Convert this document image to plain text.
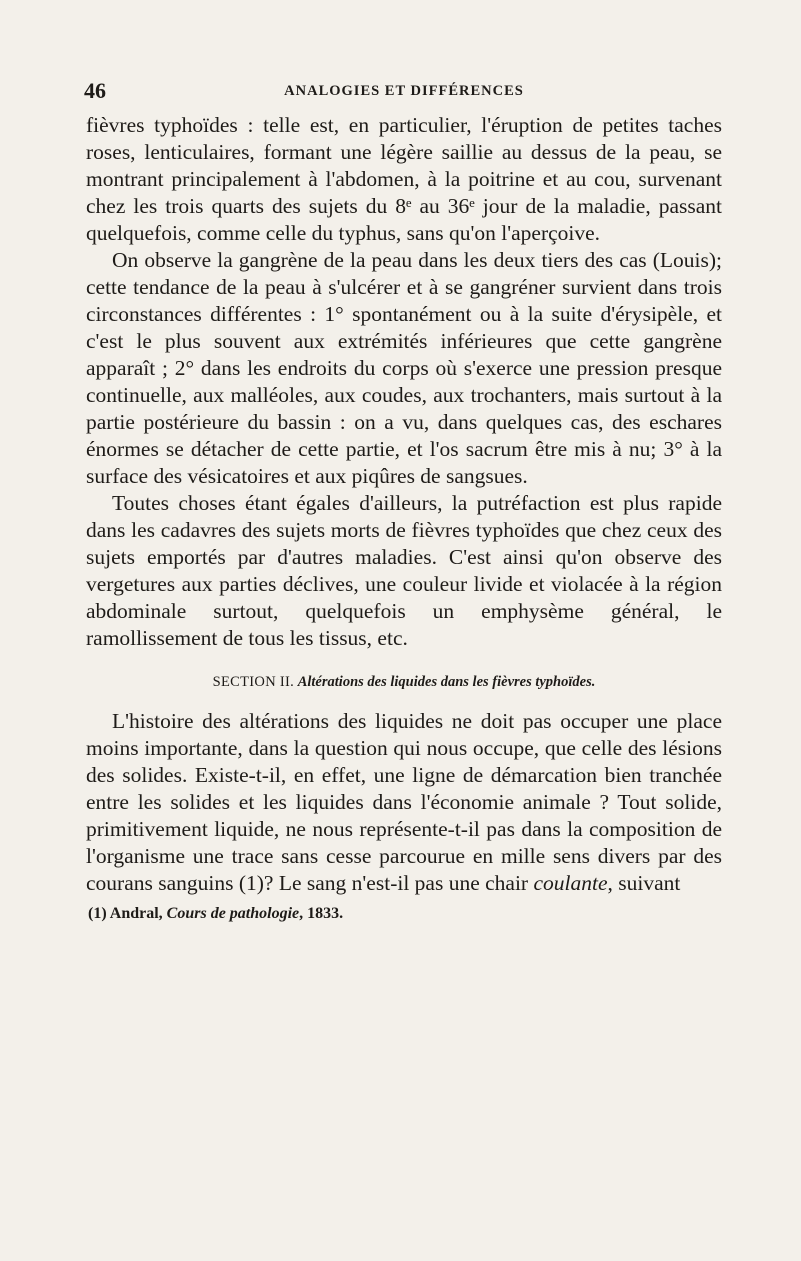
46	ANALOGIES ET DIFFÉRENCES

fièvres typhoïdes : telle est, en particulier, l'éruption de petites taches roses, lenticulaires, formant une légère saillie au dessus de la peau, se montrant principalement à l'abdomen, à la poitrine et au cou, survenant chez les trois quarts des sujets du 8ᵉ au 36ᵉ jour de la maladie, passant quelquefois, comme celle du typhus, sans qu'on l'aperçoive.

On observe la gangrène de la peau dans les deux tiers des cas (Louis); cette tendance de la peau à s'ulcérer et à se gangréner survient dans trois circonstances différentes : 1° spontanément ou à la suite d'érysipèle, et c'est le plus souvent aux extrémités inférieures que cette gangrène apparaît ; 2° dans les endroits du corps où s'exerce une pression presque continuelle, aux malléoles, aux coudes, aux trochanters, mais surtout à la partie postérieure du bassin : on a vu, dans quelques cas, des eschares énormes se détacher de cette partie, et l'os sacrum être mis à nu; 3° à la surface des vésicatoires et aux piqûres de sangsues.

Toutes choses étant égales d'ailleurs, la putréfaction est plus rapide dans les cadavres des sujets morts de fièvres typhoïdes que chez ceux des sujets emportés par d'autres maladies. C'est ainsi qu'on observe des vergetures aux parties déclives, une couleur livide et violacée à la région abdominale surtout, quelquefois un emphysème général, le ramollissement de tous les tissus, etc.

SECTION II. Altérations des liquides dans les fièvres typhoïdes.

L'histoire des altérations des liquides ne doit pas occuper une place moins importante, dans la question qui nous occupe, que celle des lésions des solides. Existe-t-il, en effet, une ligne de démarcation bien tranchée entre les solides et les liquides dans l'économie animale ? Tout solide, primitivement liquide, ne nous représente-t-il pas dans la composition de l'organisme une trace sans cesse parcourue en mille sens divers par des courans sanguins (1)? Le sang n'est-il pas une chair coulante, suivant

(1) Andral, Cours de pathologie, 1833.
